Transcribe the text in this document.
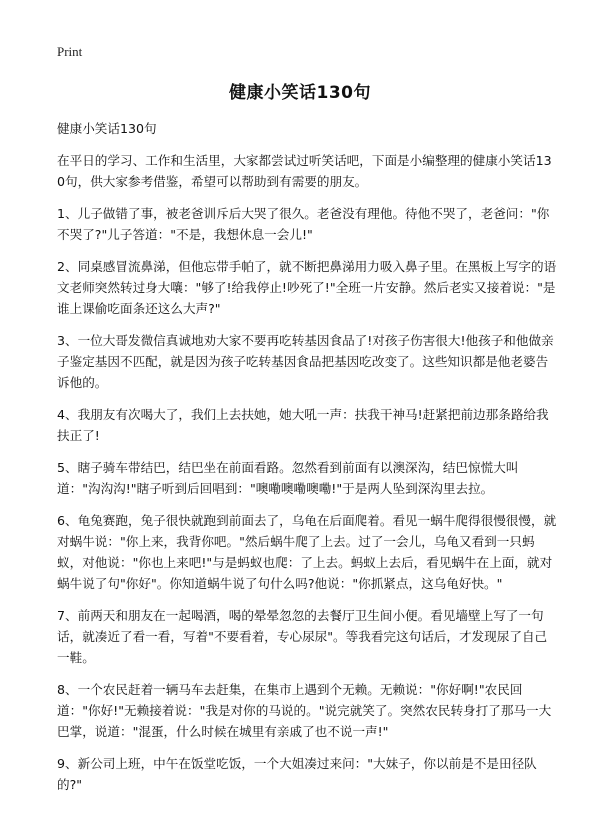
Print
健康小笑话130句

健康小笑话130句

在平日的学习、工作和生活里，大家都尝试过听笑话吧，下面是小编整理的健康小笑话130句，供大家参考借鉴，希望可以帮助到有需要的朋友。

1、儿子做错了事，被老爸训斥后大哭了很久。老爸没有理他。待他不哭了，老爸问："你不哭了?"儿子答道："不是，我想休息一会儿!"

2、同桌感冒流鼻涕，但他忘带手帕了，就不断把鼻涕用力吸入鼻子里。在黑板上写字的语文老师突然转过身大嚷："够了!给我停止!吵死了!"全班一片安静。然后老实又接着说："是谁上课偷吃面条还这么大声?"

3、一位大哥发微信真诚地劝大家不要再吃转基因食品了!对孩子伤害很大!他孩子和他做亲子鉴定基因不匹配，就是因为孩子吃转基因食品把基因吃改变了。这些知识都是他老婆告诉他的。

4、我朋友有次喝大了，我们上去扶她，她大吼一声：扶我干神马!赶紧把前边那条路给我扶正了!

5、瞎子骑车带结巴，结巴坐在前面看路。忽然看到前面有以澳深沟，结巴惊慌大叫道："沟沟沟!"瞎子听到后回唱到："噢嘞噢嘞噢嘞!"于是两人坠到深沟里去拉。

6、龟兔赛跑，兔子很快就跑到前面去了，乌龟在后面爬着。看见一蜗牛爬得很慢很慢，就对蜗牛说："你上来，我背你吧。"然后蜗牛爬了上去。过了一会儿，乌龟又看到一只蚂蚁，对他说："你也上来吧!"与是蚂蚁也爬：了上去。蚂蚁上去后，看见蜗牛在上面，就对蜗牛说了句"你好"。你知道蜗牛说了句什么吗?他说："你抓紧点，这乌龟好快。"

7、前两天和朋友在一起喝酒，喝的晕晕忽忽的去餐厅卫生间小便。看见墙壁上写了一句话，就凑近了看一看，写着"不要看着，专心尿尿"。等我看完这句话后，才发现尿了自己一鞋。

8、一个农民赶着一辆马车去赶集，在集市上遇到个无赖。无赖说："你好啊!"农民回道："你好!"无赖接着说："我是对你的马说的。"说完就笑了。突然农民转身打了那马一大巴掌，说道："混蛋，什么时候在城里有亲戚了也不说一声!"

9、新公司上班，中午在饭堂吃饭，一个大姐凑过来问："大妹子，你以前是不是田径队的?"
